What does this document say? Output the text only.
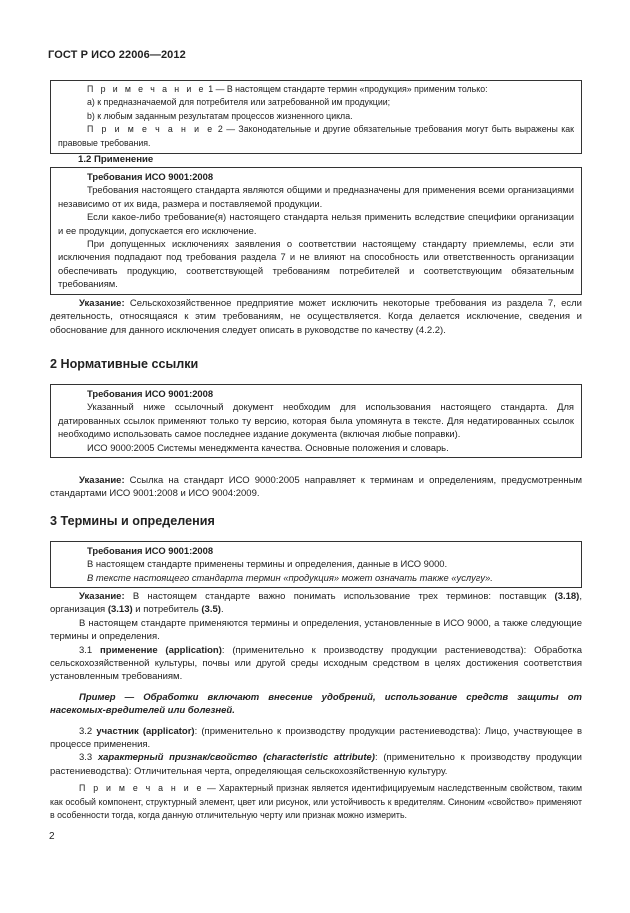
ГОСТ Р ИСО 22006—2012

П р и м е ч а н и е 1 — В настоящем стандарте термин «продукция» применим только:

a) к предназначаемой для потребителя или затребованной им продукции;

b) к любым заданным результатам процессов жизненного цикла.

П р и м е ч а н и е 2 — Законодательные и другие обязательные требования могут быть выражены как правовые требования.

1.2 Применение

Требования ИСО 9001:2008

Требования настоящего стандарта являются общими и предназначены для применения всеми организациями независимо от их вида, размера и поставляемой продукции.

Если какое-либо требование(я) настоящего стандарта нельзя применить вследствие специфики организации и ее продукции, допускается его исключение.

При допущенных исключениях заявления о соответствии настоящему стандарту приемлемы, если эти исключения подпадают под требования раздела 7 и не влияют на способность или ответственность организации обеспечивать продукцию, соответствующей требованиям потребителей и соответствующим обязательным требованиям.

Указание: Сельскохозяйственное предприятие может исключить некоторые требования из раздела 7, если деятельность, относящаяся к этим требованиям, не осуществляется. Когда делается исключение, сведения и обоснование для данного исключения следует описать в руководстве по качеству (4.2.2).

2 Нормативные ссылки

Требования ИСО 9001:2008

Указанный ниже ссылочный документ необходим для использования настоящего стандарта. Для датированных ссылок применяют только ту версию, которая была упомянута в тексте. Для недатированных ссылок необходимо использовать самое последнее издание документа (включая любые поправки).

ИСО 9000:2005 Системы менеджмента качества. Основные положения и словарь.

Указание: Ссылка на стандарт ИСО 9000:2005 направляет к терминам и определениям, предусмотренным стандартами ИСО 9001:2008 и ИСО 9004:2009.

3 Термины и определения

Требования ИСО 9001:2008

В настоящем стандарте применены термины и определения, данные в ИСО 9000.

В тексте настоящего стандарта термин «продукция» может означать также «услугу».

Указание: В настоящем стандарте важно понимать использование трех терминов: поставщик (3.18), организация (3.13) и потребитель (3.5).

В настоящем стандарте применяются термины и определения, установленные в ИСО 9000, а также следующие термины и определения.

3.1 применение (application): (применительно к производству продукции растениеводства): Обработка сельскохозяйственной культуры, почвы или другой среды исходным средством в целях достижения соответствия установленным требованиям.

Пример — Обработки включают внесение удобрений, использование средств защиты от насекомых-вредителей или болезней.

3.2 участник (applicator): (применительно к производству продукции растениеводства): Лицо, участвующее в процессе применения.

3.3 характерный признак/свойство (characteristic attribute): (применительно к производству продукции растениеводства): Отличительная черта, определяющая сельскохозяйственную культуру.

П р и м е ч а н и е — Характерный признак является идентифицируемым наследственным свойством, таким как особый компонент, структурный элемент, цвет или рисунок, или устойчивость к вредителям. Синоним «свойство» применяют в особенности тогда, когда данную отличительную черту или признак можно измерить.

2
